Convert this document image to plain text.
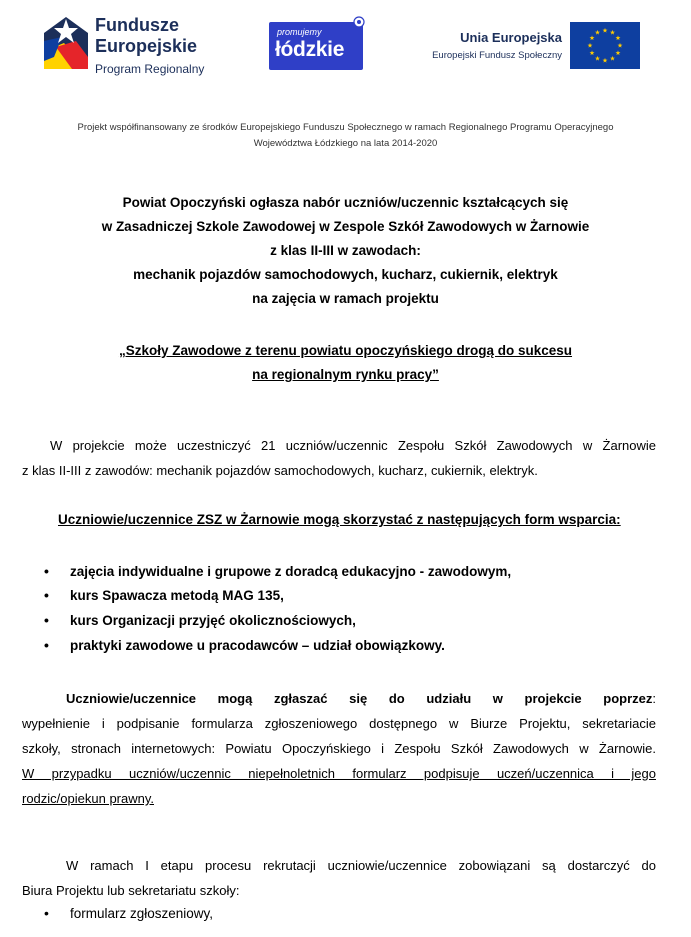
Fundusze
Europejskie
Program Regionalny
promujemy
łódzkie
Unia Europejska
Europejski Fundusz Społeczny
Projekt współfinansowany ze środków Europejskiego Funduszu Społecznego w ramach Regionalnego Programu Operacyjnego
Województwa Łódzkiego na lata 2014-2020
Powiat Opoczyński ogłasza nabór uczniów/uczennic kształcących się
w Zasadniczej Szkole Zawodowej w Zespole Szkół Zawodowych w Żarnowie
z klas II-III w zawodach:
mechanik pojazdów samochodowych, kucharz, cukiernik, elektryk
na zajęcia w ramach projektu
„Szkoły Zawodowe z terenu powiatu opoczyńskiego drogą do sukcesu
na regionalnym rynku pracy”
W projekcie może uczestniczyć 21 uczniów/uczennic Zespołu Szkół Zawodowych w Żarnowie
z klas II-III z zawodów: mechanik pojazdów samochodowych, kucharz, cukiernik, elektryk.
Uczniowie/uczennice ZSZ w Żarnowie mogą skorzystać z następujących form wsparcia:
• zajęcia indywidualne i grupowe z doradcą edukacyjno - zawodowym,
• kurs Spawacza metodą MAG 135,
• kurs Organizacji przyjęć okolicznościowych,
• praktyki zawodowe u pracodawców – udział obowiązkowy.
Uczniowie/uczennice mogą zgłaszać się do udziału w projekcie poprzez:
wypełnienie i podpisanie formularza zgłoszeniowego dostępnego w Biurze Projektu, sekretariacie
szkoły, stronach internetowych: Powiatu Opoczyńskiego i Zespołu Szkół Zawodowych w Żarnowie.
W przypadku uczniów/uczennic niepełnoletnich formularz podpisuje uczeń/uczennica i jego
rodzic/opiekun prawny.
W ramach I etapu procesu rekrutacji uczniowie/uczennice zobowiązani są dostarczyć do
Biura Projektu lub sekretariatu szkoły:
• formularz zgłoszeniowy,
